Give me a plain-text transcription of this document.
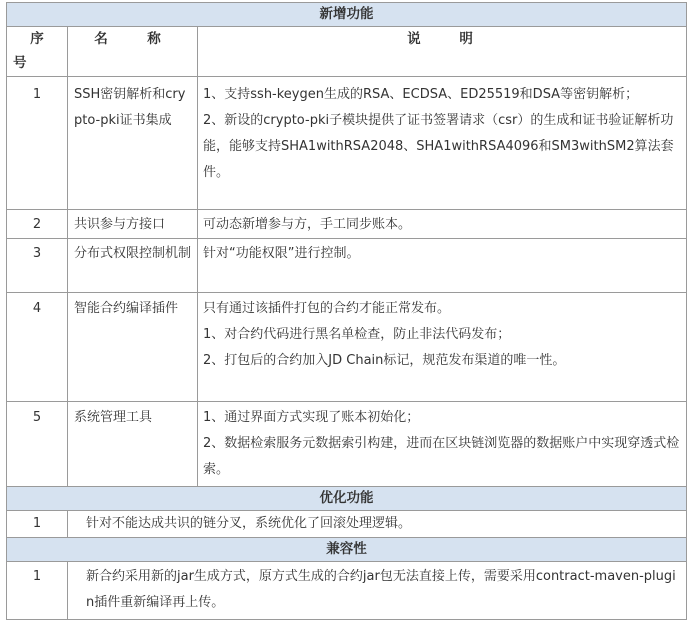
新增功能		

序
号	名  称	说    明

1	SSH密钥解析和crypto-pki证书集成	1、支持ssh-keygen生成的RSA、ECDSA、ED25519和DSA等密钥解析；

2、新设的crypto-pki子模块提供了证书签署请求（csr）的生成和证书验证解析功能，能够支持SHA1withRSA2048、SHA1withRSA4096和SM3withSM2算法套件。

2	共识参与方接口	可动态新增参与方，手工同步账本。

3	分布式权限控制机制	针对“功能权限”进行控制。

4	智能合约编译插件	只有通过该插件打包的合约才能正常发布。

1、对合约代码进行黑名单检查，防止非法代码发布；

2、打包后的合约加入JD Chain标记，规范发布渠道的唯一性。

5	系统管理工具	1、通过界面方式实现了账本初始化；

2、数据检索服务元数据索引构建，进而在区块链浏览器的数据账户中实现穿透式检索。

优化功能		

1	针对不能达成共识的链分叉，系统优化了回滚处理逻辑。	

兼容性		

1	新合约采用新的jar生成方式，原方式生成的合约jar包无法直接上传，需要采用contract-maven-plugin插件重新编译再上传。	
